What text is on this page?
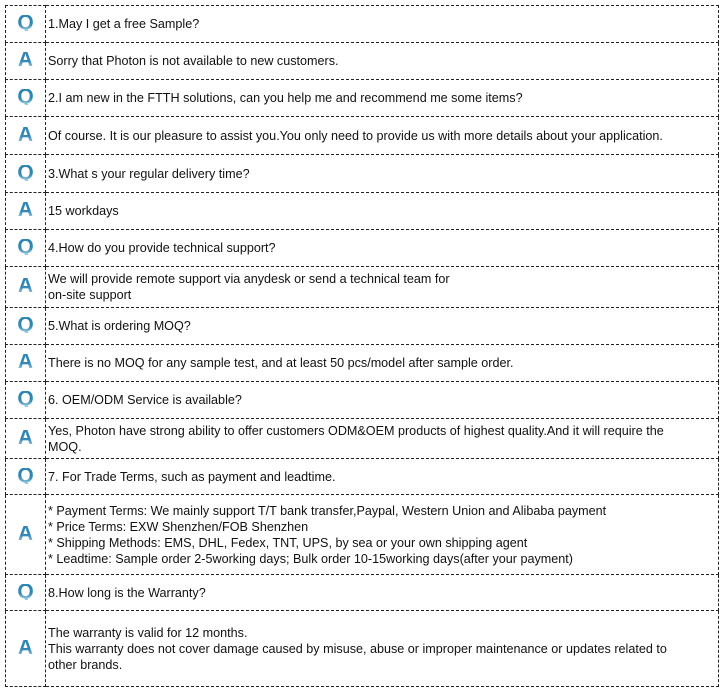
Q	1.May I get a free Sample?

A	Sorry that Photon is not available to new customers.

Q	2.I am new in the FTTH solutions, can you help me and recommend me some items?

A	Of course. It is our pleasure to assist you.You only need to provide us with more details about your application.

Q	3.What s your regular delivery time?

A	15 workdays

Q	4.How do you provide technical support?

A	We will provide remote support via anydesk or send a technical team for
on-site support

Q	5.What is ordering MOQ?

A	There is no MOQ for any sample test, and at least 50 pcs/model after sample order.

Q	6. OEM/ODM Service is available?

A	Yes, Photon have strong ability to offer customers ODM&OEM products of highest quality.And it will require the
MOQ.

Q	7. For Trade Terms, such as payment and leadtime.

A	* Payment Terms: We mainly support T/T bank transfer,Paypal, Western Union and Alibaba payment
* Price Terms: EXW Shenzhen/FOB Shenzhen
* Shipping Methods: EMS, DHL, Fedex, TNT, UPS, by sea or your own shipping agent
* Leadtime: Sample order 2-5working days; Bulk order 10-15working days(after your payment)

Q	8.How long is the Warranty?

A	The warranty is valid for 12 months.
This warranty does not cover damage caused by misuse, abuse or improper maintenance or updates related to
other brands.
